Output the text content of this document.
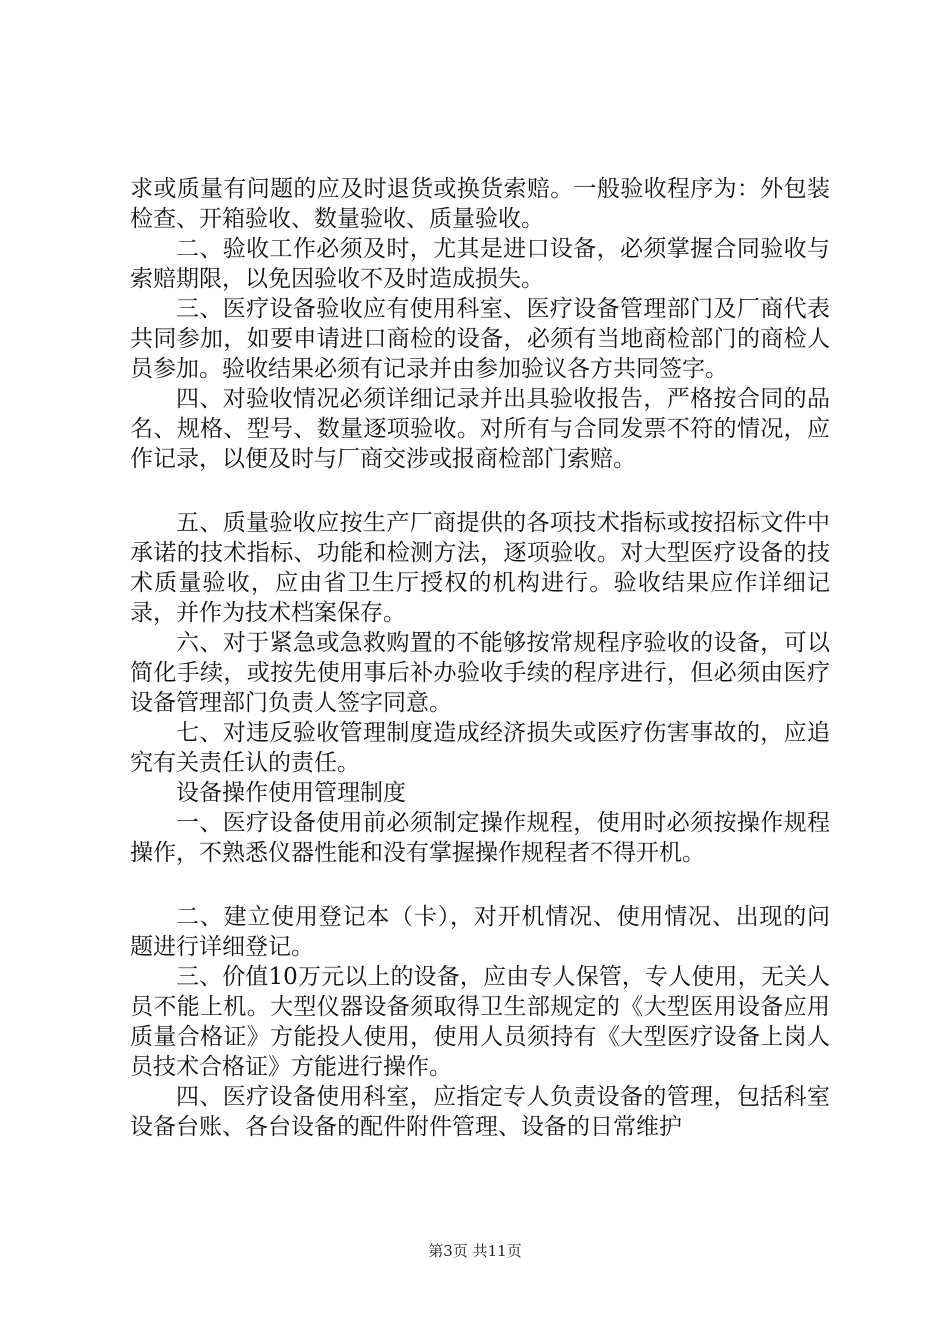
求或质量有问题的应及时退货或换货索赔。一般验收程序为：外包装检查、开箱验收、数量验收、质量验收。

二、验收工作必须及时，尤其是进口设备，必须掌握合同验收与索赔期限，以免因验收不及时造成损失。

三、医疗设备验收应有使用科室、医疗设备管理部门及厂商代表共同参加，如要申请进口商检的设备，必须有当地商检部门的商检人员参加。验收结果必须有记录并由参加验议各方共同签字。

四、对验收情况必须详细记录并出具验收报告，严格按合同的品名、规格、型号、数量逐项验收。对所有与合同发票不符的情况，应作记录，以便及时与厂商交涉或报商检部门索赔。

五、质量验收应按生产厂商提供的各项技术指标或按招标文件中承诺的技术指标、功能和检测方法，逐项验收。对大型医疗设备的技术质量验收，应由省卫生厅授权的机构进行。验收结果应作详细记录，并作为技术档案保存。

六、对于紧急或急救购置的不能够按常规程序验收的设备，可以简化手续，或按先使用事后补办验收手续的程序进行，但必须由医疗设备管理部门负责人签字同意。

七、对违反验收管理制度造成经济损失或医疗伤害事故的，应追究有关责任认的责任。

设备操作使用管理制度

一、医疗设备使用前必须制定操作规程，使用时必须按操作规程操作，不熟悉仪器性能和没有掌握操作规程者不得开机。

二、建立使用登记本（卡），对开机情况、使用情况、出现的问题进行详细登记。

三、价值10万元以上的设备，应由专人保管，专人使用，无关人员不能上机。大型仪器设备须取得卫生部规定的《大型医用设备应用质量合格证》方能投人使用，使用人员须持有《大型医疗设备上岗人员技术合格证》方能进行操作。

四、医疗设备使用科室，应指定专人负责设备的管理，包括科室设备台账、各台设备的配件附件管理、设备的日常维护

第3页 共11页
